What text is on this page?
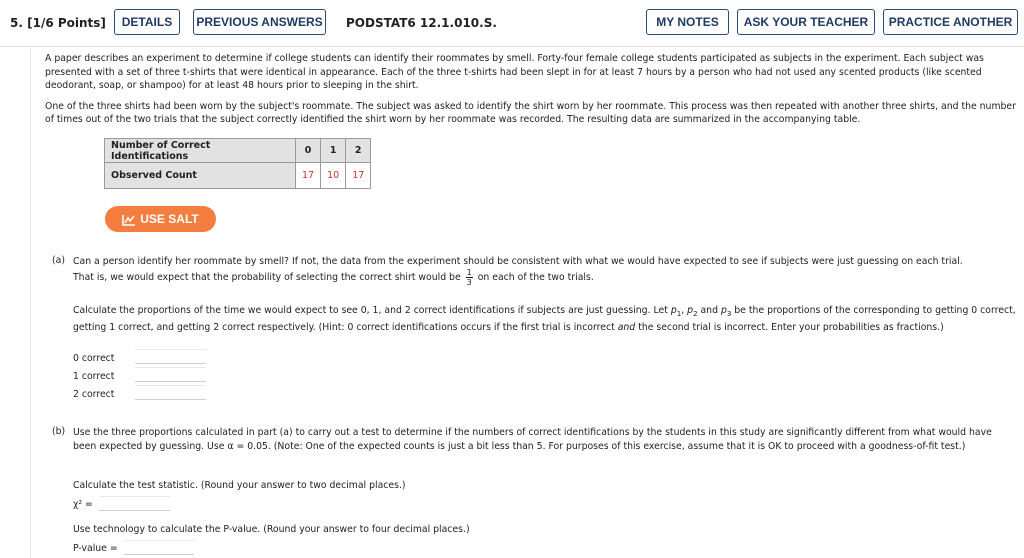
5. [1/6 Points]	DETAILS	PREVIOUS ANSWERS PODSTAT6 12.1.010.S.	MY NOTES	ASK YOUR TEACHER	PRACTICE ANOTHER

A paper describes an experiment to determine if college students can identify their roommates by smell. Forty-four female college students participated as subjects in the experiment. Each subject was presented with a set of three t-shirts that were identical in appearance. Each of the three t-shirts had been slept in for at least 7 hours by a person who had not used any scented products (like scented deodorant, soap, or shampoo) for at least 48 hours prior to sleeping in the shirt.

One of the three shirts had been worn by the subject's roommate. The subject was asked to identify the shirt worn by her roommate. This process was then repeated with another three shirts, and the number of times out of the two trials that the subject correctly identified the shirt worn by her roommate was recorded. The resulting data are summarized in the accompanying table.

Number of Correct Identifications	0	1	2
Observed Count	17	10	17
USE SALT
(a) Can a person identify her roommate by smell? If not, the data from the experiment should be consistent with what we would have expected to see if subjects were just guessing on each trial.
That is, we would expect that the probability of selecting the correct shirt would be $\frac{1}{3}$ on each of the two trials.
Calculate the proportions of the time we would expect to see 0, 1, and 2 correct identifications if subjects are just guessing. Let $p_1$, $p_2$ and $p_3$ be the proportions of the corresponding to getting 0 correct, getting 1 correct, and getting 2 correct respectively. (Hint: 0 correct identifications occurs if the first trial is incorrect and the second trial is incorrect. Enter your probabilities as fractions.)
0 correct
1 correct
2 correct
(b) Use the three proportions calculated in part (a) to carry out a test to determine if the numbers of correct identifications by the students in this study are significantly different from what would have been expected by guessing. Use α = 0.05. (Note: One of the expected counts is just a bit less than 5. For purposes of this exercise, assume that it is OK to proceed with a goodness-of-fit test.)
Calculate the test statistic. (Round your answer to two decimal places.)
χ² =
Use technology to calculate the P-value. (Round your answer to four decimal places.)
P-value =
